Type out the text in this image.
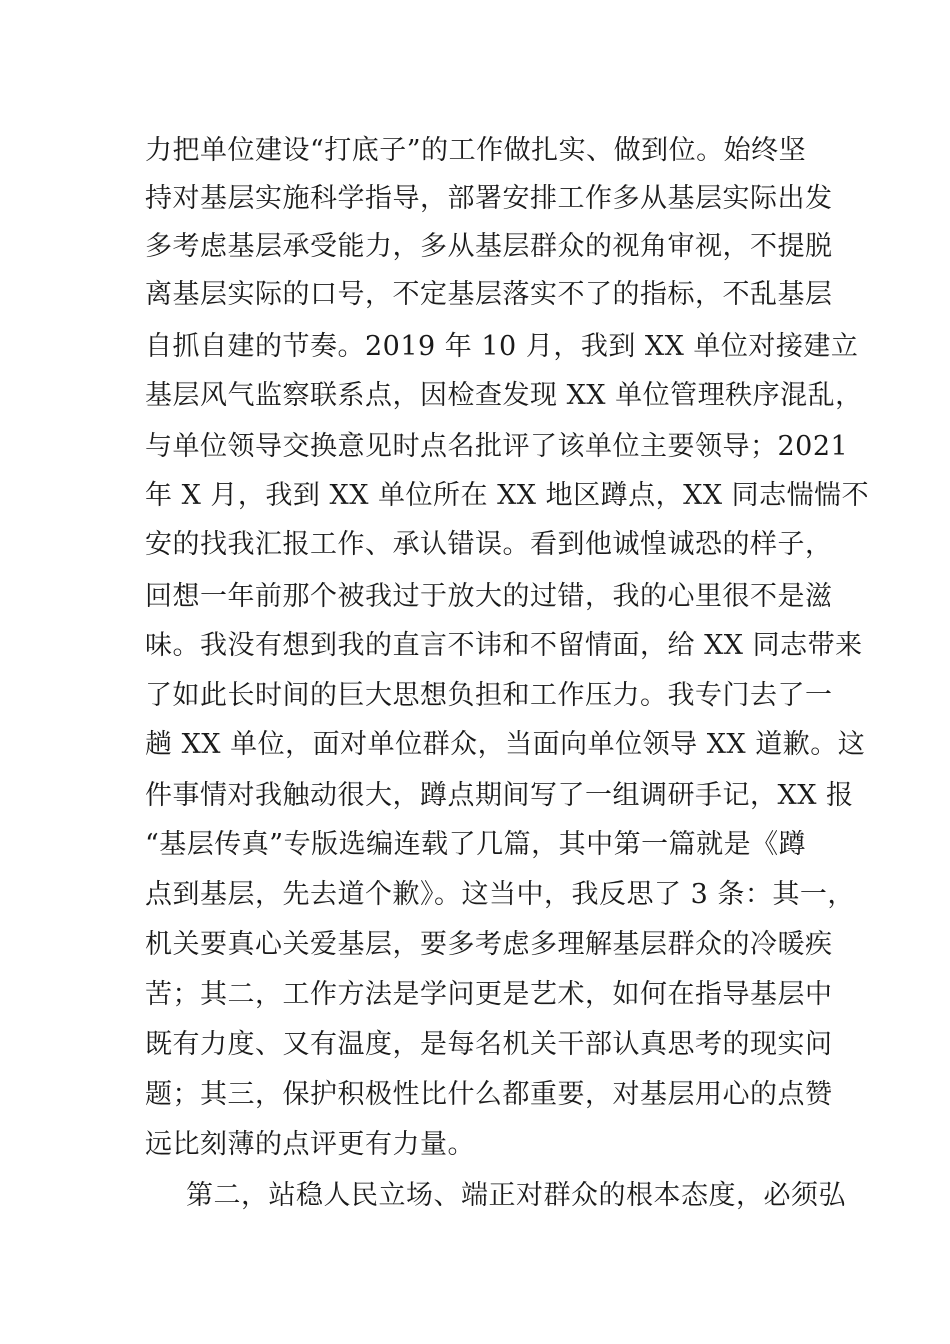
力把单位建设“打底子”的工作做扎实、做到位。始终坚
持对基层实施科学指导，部署安排工作多从基层实际出发
多考虑基层承受能力，多从基层群众的视角审视，不提脱
离基层实际的口号，不定基层落实不了的指标，不乱基层
自抓自建的节奏。2019 年 10 月，我到 XX 单位对接建立
基层风气监察联系点，因检查发现 XX 单位管理秩序混乱，
与单位领导交换意见时点名批评了该单位主要领导；2021
年 X 月，我到 XX 单位所在 XX 地区蹲点，XX 同志惴惴不
安的找我汇报工作、承认错误。看到他诚惶诚恐的样子，
回想一年前那个被我过于放大的过错，我的心里很不是滋
味。我没有想到我的直言不讳和不留情面，给 XX 同志带来
了如此长时间的巨大思想负担和工作压力。我专门去了一
趟 XX 单位，面对单位群众，当面向单位领导 XX 道歉。这
件事情对我触动很大，蹲点期间写了一组调研手记，XX 报
“基层传真”专版选编连载了几篇，其中第一篇就是《蹲
点到基层，先去道个歉》。这当中，我反思了 3 条：其一，
机关要真心关爱基层，要多考虑多理解基层群众的冷暖疾
苦；其二，工作方法是学问更是艺术，如何在指导基层中
既有力度、又有温度，是每名机关干部认真思考的现实问
题；其三，保护积极性比什么都重要，对基层用心的点赞
远比刻薄的点评更有力量。
第二，站稳人民立场、端正对群众的根本态度，必须弘
